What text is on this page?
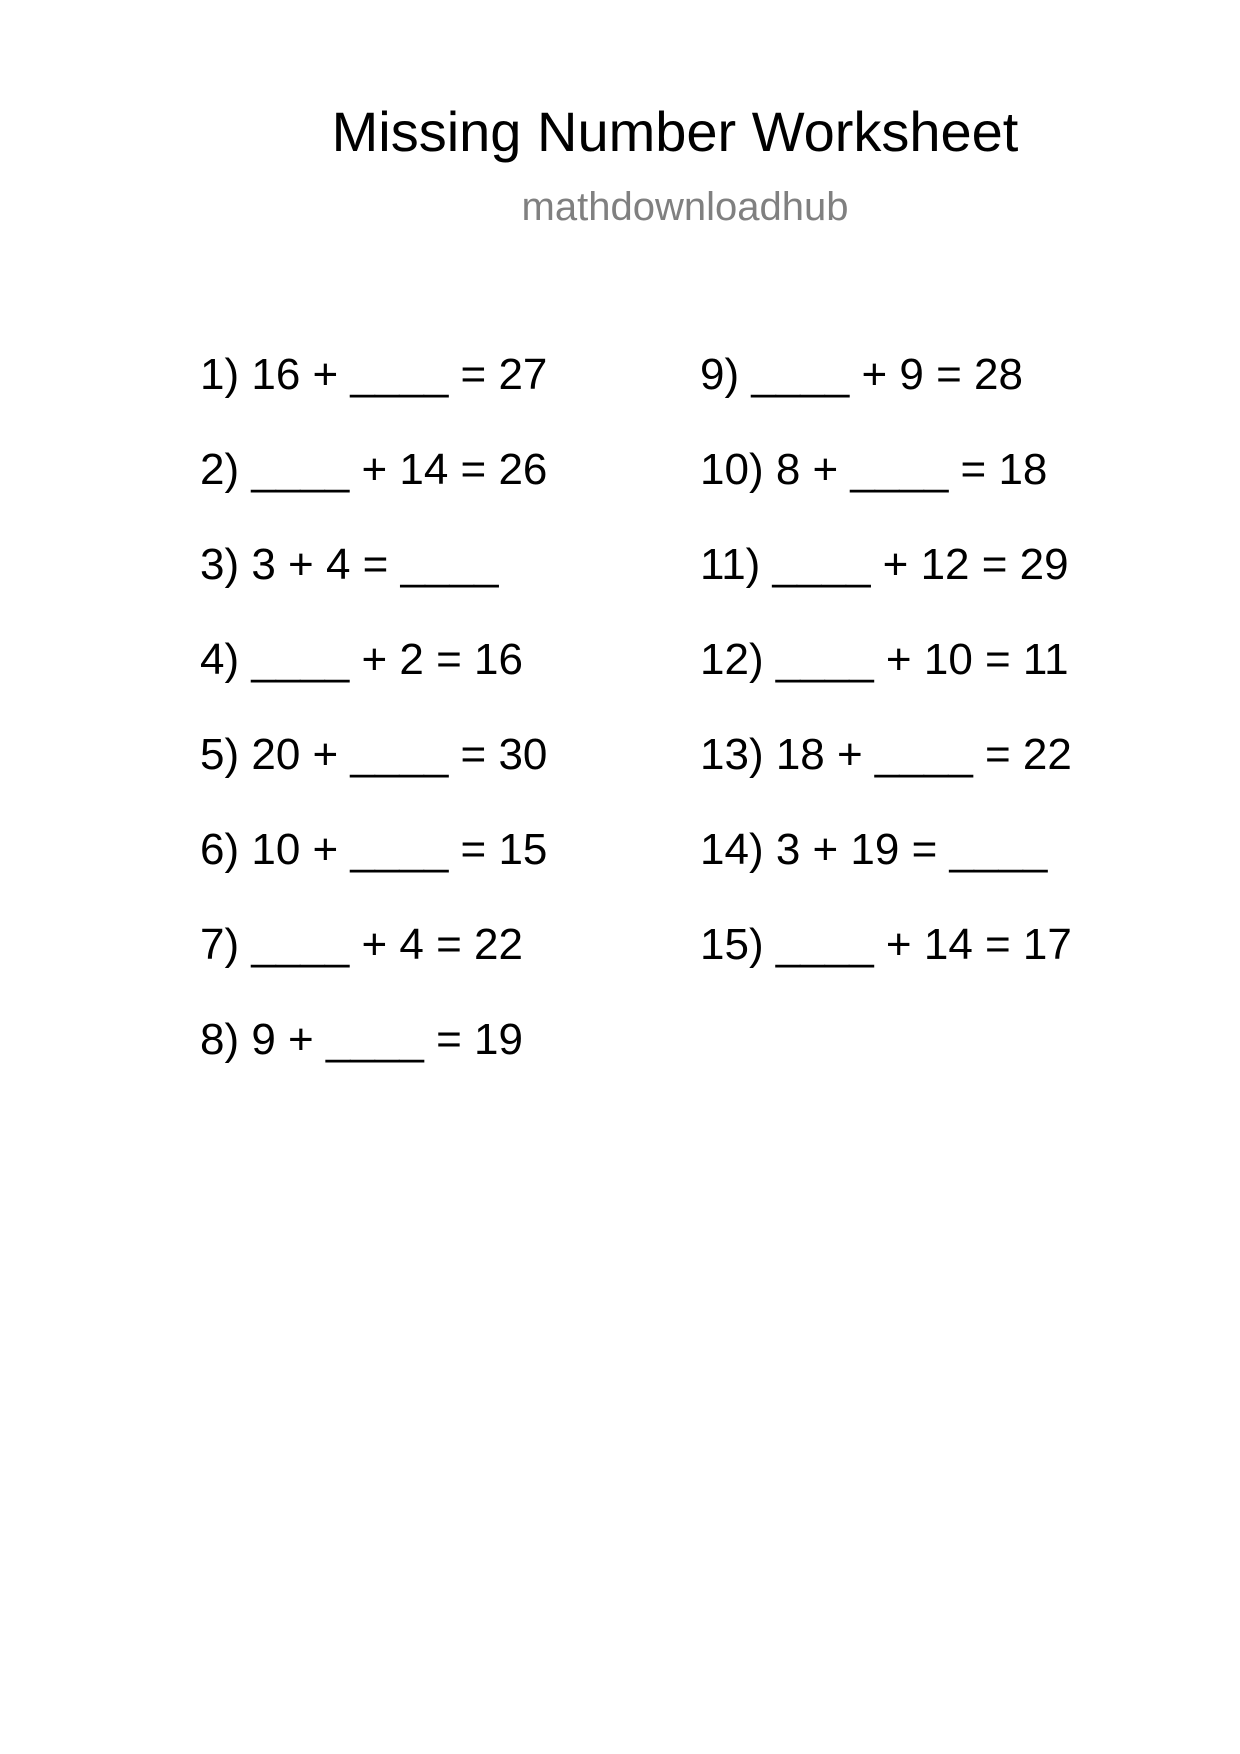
Missing Number Worksheet
mathdownloadhub
1) 16 + ____ = 27
2) ____ + 14 = 26
3) 3 + 4 = ____
4) ____ + 2 = 16
5) 20 + ____ = 30
6) 10 + ____ = 15
7) ____ + 4 = 22
8) 9 + ____ = 19
9) ____ + 9 = 28
10) 8 + ____ = 18
11) ____ + 12 = 29
12) ____ + 10 = 11
13) 18 + ____ = 22
14) 3 + 19 = ____
15) ____ + 14 = 17
